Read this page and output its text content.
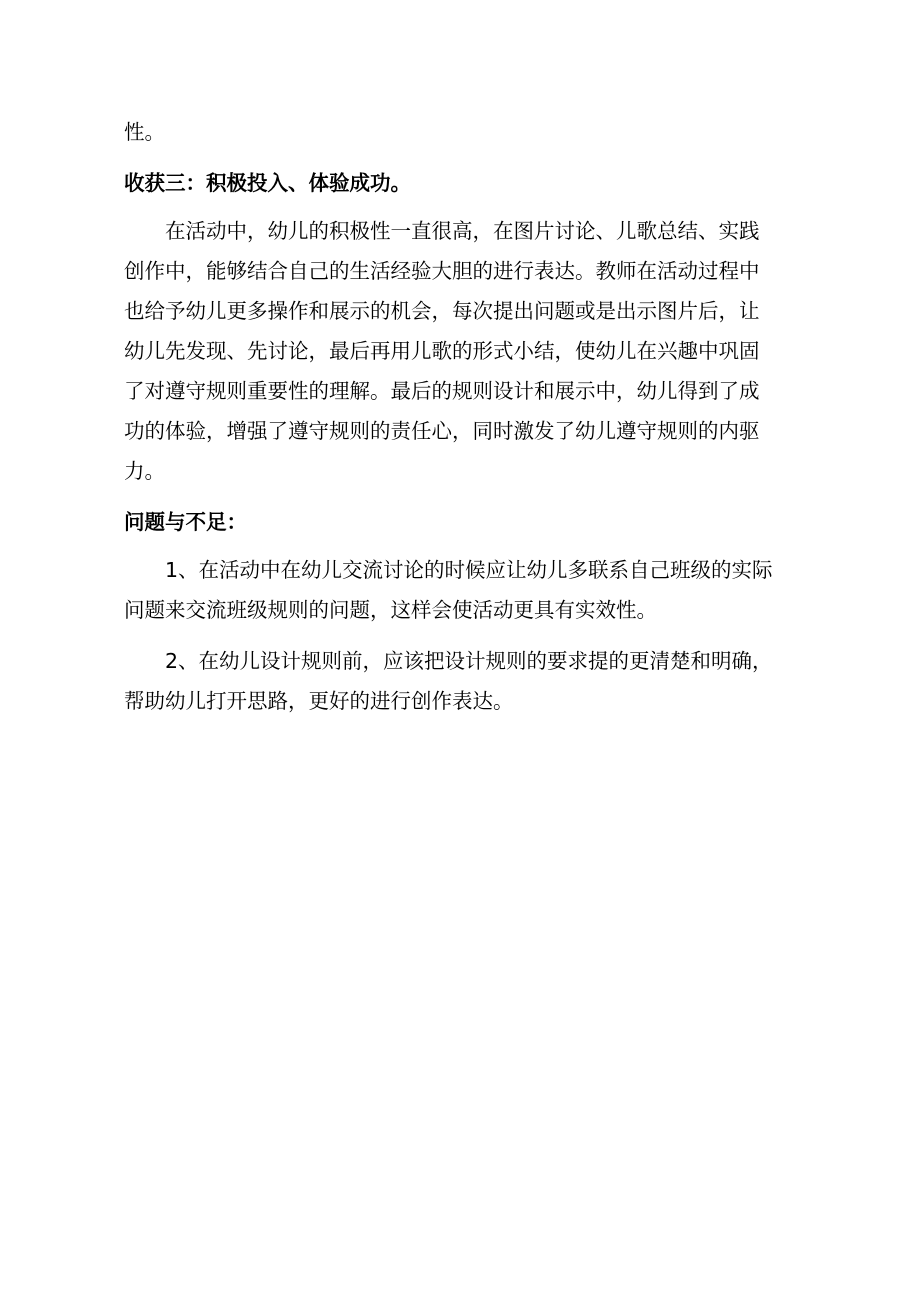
性。

收获三：积极投入、体验成功。

在活动中，幼儿的积极性一直很高，在图片讨论、儿歌总结、实践

创作中，能够结合自己的生活经验大胆的进行表达。教师在活动过程中

也给予幼儿更多操作和展示的机会，每次提出问题或是出示图片后，让

幼儿先发现、先讨论，最后再用儿歌的形式小结，使幼儿在兴趣中巩固

了对遵守规则重要性的理解。最后的规则设计和展示中，幼儿得到了成

功的体验，增强了遵守规则的责任心，同时激发了幼儿遵守规则的内驱

力。

问题与不足：

1、在活动中在幼儿交流讨论的时候应让幼儿多联系自己班级的实际

问题来交流班级规则的问题，这样会使活动更具有实效性。

2、在幼儿设计规则前，应该把设计规则的要求提的更清楚和明确，

帮助幼儿打开思路，更好的进行创作表达。
